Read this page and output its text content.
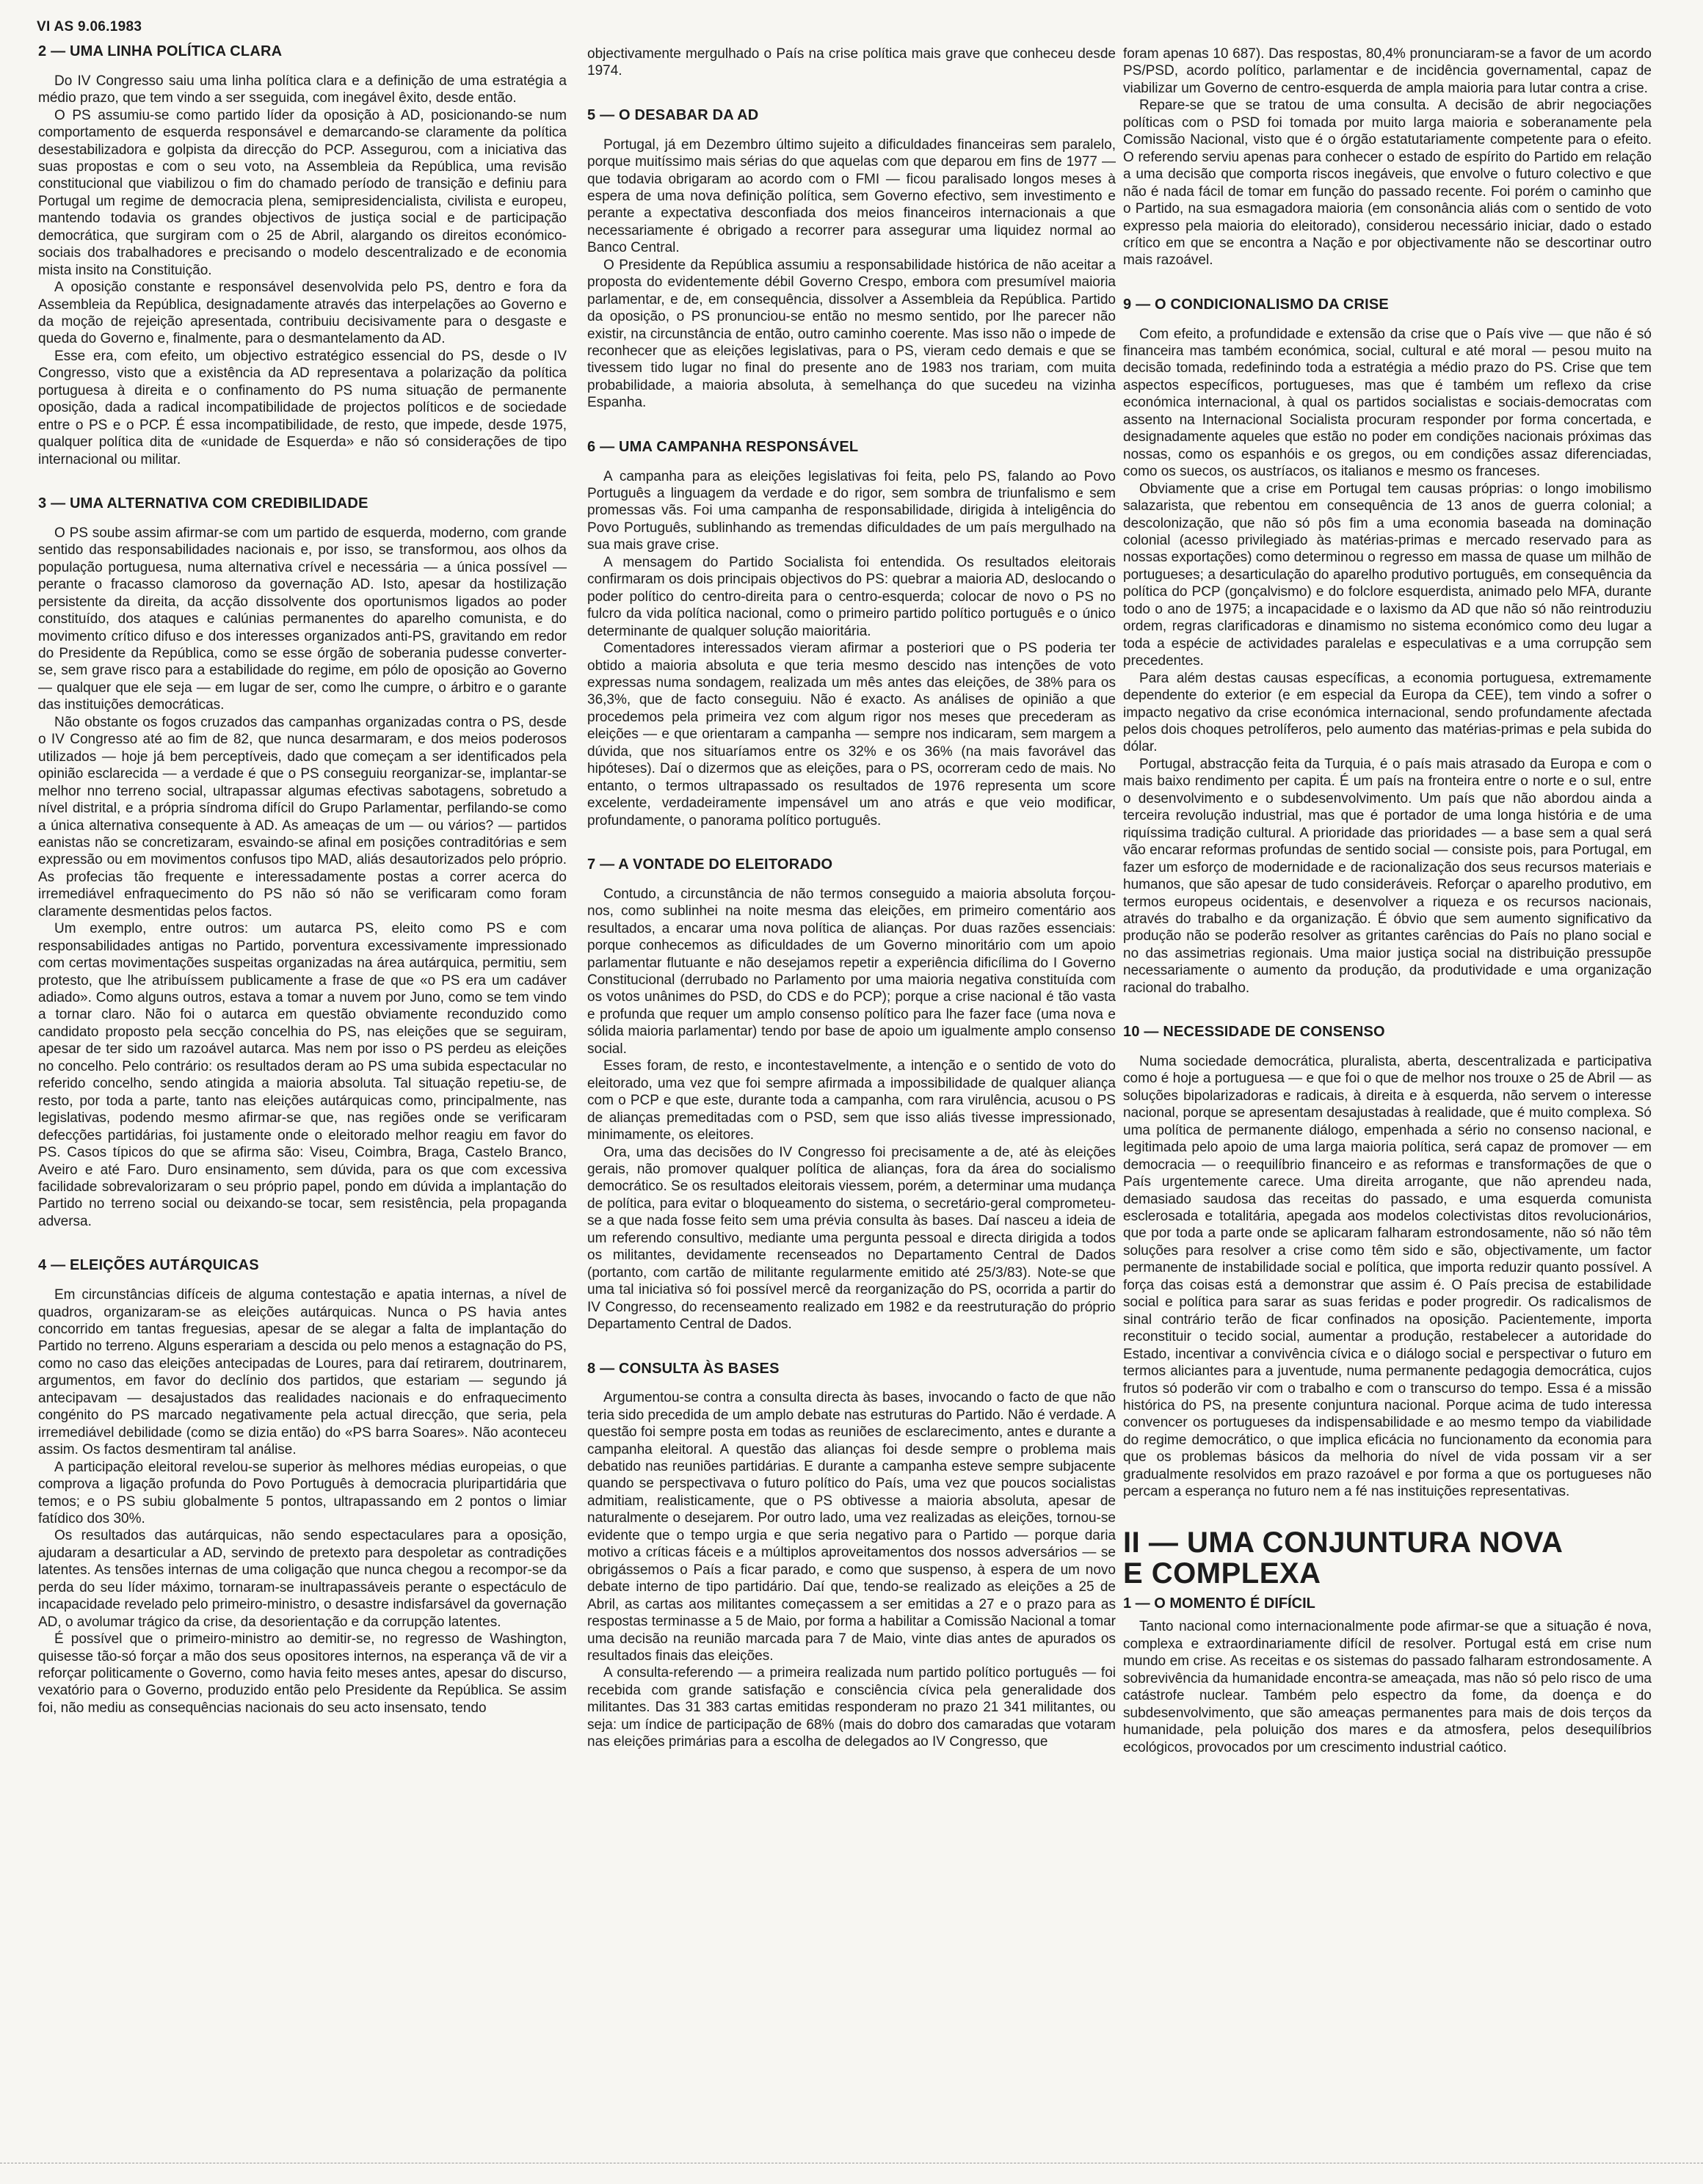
VI AS 9.06.1983
2 — UMA LINHA POLÍTICA CLARA

Do IV Congresso saiu uma linha política clara e a definição de uma estratégia a médio prazo, que tem vindo a ser sseguida, com inegável êxito, desde então.

O PS assumiu-se como partido líder da oposição à AD, posicionando-se num comportamento de esquerda responsável e demarcando-se claramente da política desestabilizadora e golpista da direcção do PCP. Assegurou, com a iniciativa das suas propostas e com o seu voto, na Assembleia da República, uma revisão constitucional que viabilizou o fim do chamado período de transição e definiu para Portugal um regime de democracia plena, semipresidencialista, civilista e europeu, mantendo todavia os grandes objectivos de justiça social e de participação democrática, que surgiram com o 25 de Abril, alargando os direitos económico-sociais dos trabalhadores e precisando o modelo descentralizado e de economia mista insito na Constituição.

A oposição constante e responsável desenvolvida pelo PS, dentro e fora da Assembleia da República, designadamente através das interpelações ao Governo e da moção de rejeição apresentada, contribuiu decisivamente para o desgaste e queda do Governo e, finalmente, para o desmantelamento da AD.

Esse era, com efeito, um objectivo estratégico essencial do PS, desde o IV Congresso, visto que a existência da AD representava a polarização da política portuguesa à direita e o confinamento do PS numa situação de permanente oposição, dada a radical incompatibilidade de projectos políticos e de sociedade entre o PS e o PCP. É essa incompatibilidade, de resto, que impede, desde 1975, qualquer política dita de «unidade de Esquerda» e não só considerações de tipo internacional ou militar.

3 — UMA ALTERNATIVA COM CREDIBILIDADE

O PS soube assim afirmar-se com um partido de esquerda, moderno, com grande sentido das responsabilidades nacionais e, por isso, se transformou, aos olhos da população portuguesa, numa alternativa crível e necessária — a única possível — perante o fracasso clamoroso da governação AD. Isto, apesar da hostilização persistente da direita, da acção dissolvente dos oportunismos ligados ao poder constituído, dos ataques e calúnias permanentes do aparelho comunista, e do movimento crítico difuso e dos interesses organizados anti-PS, gravitando em redor do Presidente da República, como se esse órgão de soberania pudesse converter-se, sem grave risco para a estabilidade do regime, em pólo de oposição ao Governo — qualquer que ele seja — em lugar de ser, como lhe cumpre, o árbitro e o garante das instituições democráticas.

Não obstante os fogos cruzados das campanhas organizadas contra o PS, desde o IV Congresso até ao fim de 82, que nunca desarmaram, e dos meios poderosos utilizados — hoje já bem perceptíveis, dado que começam a ser identificados pela opinião esclarecida — a verdade é que o PS conseguiu reorganizar-se, implantar-se melhor nno terreno social, ultrapassar algumas efectivas sabotagens, sobretudo a nível distrital, e a própria síndroma difícil do Grupo Parlamentar, perfilando-se como a única alternativa consequente à AD. As ameaças de um — ou vários? — partidos eanistas não se concretizaram, esvaindo-se afinal em posições contraditórias e sem expressão ou em movimentos confusos tipo MAD, aliás desautorizados pelo próprio. As profecias tão frequente e interessadamente postas a correr acerca do irremediável enfraquecimento do PS não só não se verificaram como foram claramente desmentidas pelos factos.

Um exemplo, entre outros: um autarca PS, eleito como PS e com responsabilidades antigas no Partido, porventura excessivamente impressionado com certas movimentações suspeitas organizadas na área autárquica, permitiu, sem protesto, que lhe atribuíssem publicamente a frase de que «o PS era um cadáver adiado». Como alguns outros, estava a tomar a nuvem por Juno, como se tem vindo a tornar claro. Não foi o autarca em questão obviamente reconduzido como candidato proposto pela secção concelhia do PS, nas eleições que se seguiram, apesar de ter sido um razoável autarca. Mas nem por isso o PS perdeu as eleições no concelho. Pelo contrário: os resultados deram ao PS uma subida espectacular no referido concelho, sendo atingida a maioria absoluta. Tal situação repetiu-se, de resto, por toda a parte, tanto nas eleições autárquicas como, principalmente, nas legislativas, podendo mesmo afirmar-se que, nas regiões onde se verificaram defecções partidárias, foi justamente onde o eleitorado melhor reagiu em favor do PS. Casos típicos do que se afirma são: Viseu, Coimbra, Braga, Castelo Branco, Aveiro e até Faro. Duro ensinamento, sem dúvida, para os que com excessiva facilidade sobrevalorizaram o seu próprio papel, pondo em dúvida a implantação do Partido no terreno social ou deixando-se tocar, sem resistência, pela propaganda adversa.

4 — ELEIÇÕES AUTÁRQUICAS

Em circunstâncias difíceis de alguma contestação e apatia internas, a nível de quadros, organizaram-se as eleições autárquicas. Nunca o PS havia antes concorrido em tantas freguesias, apesar de se alegar a falta de implantação do Partido no terreno. Alguns esperariam a descida ou pelo menos a estagnação do PS, como no caso das eleições antecipadas de Loures, para daí retirarem, doutrinarem, argumentos, em favor do declínio dos partidos, que estariam — segundo já antecipavam — desajustados das realidades nacionais e do enfraquecimento congénito do PS marcado negativamente pela actual direcção, que seria, pela irremediável debilidade (como se dizia então) do «PS barra Soares». Não aconteceu assim. Os factos desmentiram tal análise.

A participação eleitoral revelou-se superior às melhores médias europeias, o que comprova a ligação profunda do Povo Português à democracia pluripartidária que temos; e o PS subiu globalmente 5 pontos, ultrapassando em 2 pontos o limiar fatídico dos 30%.

Os resultados das autárquicas, não sendo espectaculares para a oposição, ajudaram a desarticular a AD, servindo de pretexto para despoletar as contradições latentes. As tensões internas de uma coligação que nunca chegou a recompor-se da perda do seu líder máximo, tornaram-se inultrapassáveis perante o espectáculo de incapacidade revelado pelo primeiro-ministro, o desastre indisfarsável da governação AD, o avolumar trágico da crise, da desorientação e da corrupção latentes.

É possível que o primeiro-ministro ao demitir-se, no regresso de Washington, quisesse tão-só forçar a mão dos seus opositores internos, na esperança vã de vir a reforçar politicamente o Governo, como havia feito meses antes, apesar do discurso, vexatório para o Governo, produzido então pelo Presidente da República. Se assim foi, não mediu as consequências nacionais do seu acto insensato, tendo

objectivamente mergulhado o País na crise política mais grave que conheceu desde 1974.

5 — O DESABAR DA AD

Portugal, já em Dezembro último sujeito a dificuldades financeiras sem paralelo, porque muitíssimo mais sérias do que aquelas com que deparou em fins de 1977 — que todavia obrigaram ao acordo com o FMI — ficou paralisado longos meses à espera de uma nova definição política, sem Governo efectivo, sem investimento e perante a expectativa desconfiada dos meios financeiros internacionais a que necessariamente é obrigado a recorrer para assegurar uma liquidez normal ao Banco Central.

O Presidente da República assumiu a responsabilidade histórica de não aceitar a proposta do evidentemente débil Governo Crespo, embora com presumível maioria parlamentar, e de, em consequência, dissolver a Assembleia da República. Partido da oposição, o PS pronunciou-se então no mesmo sentido, por lhe parecer não existir, na circunstância de então, outro caminho coerente. Mas isso não o impede de reconhecer que as eleições legislativas, para o PS, vieram cedo demais e que se tivessem tido lugar no final do presente ano de 1983 nos trariam, com muita probabilidade, a maioria absoluta, à semelhança do que sucedeu na vizinha Espanha.

6 — UMA CAMPANHA RESPONSÁVEL

A campanha para as eleições legislativas foi feita, pelo PS, falando ao Povo Português a linguagem da verdade e do rigor, sem sombra de triunfalismo e sem promessas vãs. Foi uma campanha de responsabilidade, dirigida à inteligência do Povo Português, sublinhando as tremendas dificuldades de um país mergulhado na sua mais grave crise.

A mensagem do Partido Socialista foi entendida. Os resultados eleitorais confirmaram os dois principais objectivos do PS: quebrar a maioria AD, deslocando o poder político do centro-direita para o centro-esquerda; colocar de novo o PS no fulcro da vida política nacional, como o primeiro partido político português e o único determinante de qualquer solução maioritária.

Comentadores interessados vieram afirmar a posteriori que o PS poderia ter obtido a maioria absoluta e que teria mesmo descido nas intenções de voto expressas numa sondagem, realizada um mês antes das eleições, de 38% para os 36,3%, que de facto conseguiu. Não é exacto. As análises de opinião a que procedemos pela primeira vez com algum rigor nos meses que precederam as eleições — e que orientaram a campanha — sempre nos indicaram, sem margem a dúvida, que nos situaríamos entre os 32% e os 36% (na mais favorável das hipóteses). Daí o dizermos que as eleições, para o PS, ocorreram cedo de mais. No entanto, o termos ultrapassado os resultados de 1976 representa um score excelente, verdadeiramente impensável um ano atrás e que veio modificar, profundamente, o panorama político português.

7 — A VONTADE DO ELEITORADO

Contudo, a circunstância de não termos conseguido a maioria absoluta forçou-nos, como sublinhei na noite mesma das eleições, em primeiro comentário aos resultados, a encarar uma nova política de alianças. Por duas razões essenciais: porque conhecemos as dificuldades de um Governo minoritário com um apoio parlamentar flutuante e não desejamos repetir a experiência dificílima do I Governo Constitucional (derrubado no Parlamento por uma maioria negativa constituída com os votos unânimes do PSD, do CDS e do PCP); porque a crise nacional é tão vasta e profunda que requer um amplo consenso político para lhe fazer face (uma nova e sólida maioria parlamentar) tendo por base de apoio um igualmente amplo consenso social.

Esses foram, de resto, e incontestavelmente, a intenção e o sentido de voto do eleitorado, uma vez que foi sempre afirmada a impossibilidade de qualquer aliança com o PCP e que este, durante toda a campanha, com rara virulência, acusou o PS de alianças premeditadas com o PSD, sem que isso aliás tivesse impressionado, minimamente, os eleitores.

Ora, uma das decisões do IV Congresso foi precisamente a de, até às eleições gerais, não promover qualquer política de alianças, fora da área do socialismo democrático. Se os resultados eleitorais viessem, porém, a determinar uma mudança de política, para evitar o bloqueamento do sistema, o secretário-geral comprometeu-se a que nada fosse feito sem uma prévia consulta às bases. Daí nasceu a ideia de um referendo consultivo, mediante uma pergunta pessoal e directa dirigida a todos os militantes, devidamente recenseados no Departamento Central de Dados (portanto, com cartão de militante regularmente emitido até 25/3/83). Note-se que uma tal iniciativa só foi possível mercê da reorganização do PS, ocorrida a partir do IV Congresso, do recenseamento realizado em 1982 e da reestruturação do próprio Departamento Central de Dados.

8 — CONSULTA ÀS BASES

Argumentou-se contra a consulta directa às bases, invocando o facto de que não teria sido precedida de um amplo debate nas estruturas do Partido. Não é verdade. A questão foi sempre posta em todas as reuniões de esclarecimento, antes e durante a campanha eleitoral. A questão das alianças foi desde sempre o problema mais debatido nas reuniões partidárias. E durante a campanha esteve sempre subjacente quando se perspectivava o futuro político do País, uma vez que poucos socialistas admitiam, realisticamente, que o PS obtivesse a maioria absoluta, apesar de naturalmente o desejarem. Por outro lado, uma vez realizadas as eleições, tornou-se evidente que o tempo urgia e que seria negativo para o Partido — porque daria motivo a críticas fáceis e a múltiplos aproveitamentos dos nossos adversários — se obrigássemos o País a ficar parado, e como que suspenso, à espera de um novo debate interno de tipo partidário. Daí que, tendo-se realizado as eleições a 25 de Abril, as cartas aos militantes começassem a ser emitidas a 27 e o prazo para as respostas terminasse a 5 de Maio, por forma a habilitar a Comissão Nacional a tomar uma decisão na reunião marcada para 7 de Maio, vinte dias antes de apurados os resultados finais das eleições.

A consulta-referendo — a primeira realizada num partido político português — foi recebida com grande satisfação e consciência cívica pela generalidade dos militantes. Das 31 383 cartas emitidas responderam no prazo 21 341 militantes, ou seja: um índice de participação de 68% (mais do dobro dos camaradas que votaram nas eleições primárias para a escolha de delegados ao IV Congresso, que

foram apenas 10 687). Das respostas, 80,4% pronunciaram-se a favor de um acordo PS/PSD, acordo político, parlamentar e de incidência governamental, capaz de viabilizar um Governo de centro-esquerda de ampla maioria para lutar contra a crise.

Repare-se que se tratou de uma consulta. A decisão de abrir negociações políticas com o PSD foi tomada por muito larga maioria e soberanamente pela Comissão Nacional, visto que é o órgão estatutariamente competente para o efeito. O referendo serviu apenas para conhecer o estado de espírito do Partido em relação a uma decisão que comporta riscos inegáveis, que envolve o futuro colectivo e que não é nada fácil de tomar em função do passado recente. Foi porém o caminho que o Partido, na sua esmagadora maioria (em consonância aliás com o sentido de voto expresso pela maioria do eleitorado), considerou necessário iniciar, dado o estado crítico em que se encontra a Nação e por objectivamente não se descortinar outro mais razoável.

9 — O CONDICIONALISMO DA CRISE

Com efeito, a profundidade e extensão da crise que o País vive — que não é só financeira mas também económica, social, cultural e até moral — pesou muito na decisão tomada, redefinindo toda a estratégia a médio prazo do PS. Crise que tem aspectos específicos, portugueses, mas que é também um reflexo da crise económica internacional, à qual os partidos socialistas e sociais-democratas com assento na Internacional Socialista procuram responder por forma concertada, e designadamente aqueles que estão no poder em condições nacionais próximas das nossas, como os espanhóis e os gregos, ou em condições assaz diferenciadas, como os suecos, os austríacos, os italianos e mesmo os franceses.

Obviamente que a crise em Portugal tem causas próprias: o longo imobilismo salazarista, que rebentou em consequência de 13 anos de guerra colonial; a descolonização, que não só pôs fim a uma economia baseada na dominação colonial (acesso privilegiado às matérias-primas e mercado reservado para as nossas exportações) como determinou o regresso em massa de quase um milhão de portugueses; a desarticulação do aparelho produtivo português, em consequência da política do PCP (gonçalvismo) e do folclore esquerdista, animado pelo MFA, durante todo o ano de 1975; a incapacidade e o laxismo da AD que não só não reintroduziu ordem, regras clarificadoras e dinamismo no sistema económico como deu lugar a toda a espécie de actividades paralelas e especulativas e a uma corrupção sem precedentes.

Para além destas causas específicas, a economia portuguesa, extremamente dependente do exterior (e em especial da Europa da CEE), tem vindo a sofrer o impacto negativo da crise económica internacional, sendo profundamente afectada pelos dois choques petrolíferos, pelo aumento das matérias-primas e pela subida do dólar.

Portugal, abstracção feita da Turquia, é o país mais atrasado da Europa e com o mais baixo rendimento per capita. É um país na fronteira entre o norte e o sul, entre o desenvolvimento e o subdesenvolvimento. Um país que não abordou ainda a terceira revolução industrial, mas que é portador de uma longa história e de uma riquíssima tradição cultural. A prioridade das prioridades — a base sem a qual será vão encarar reformas profundas de sentido social — consiste pois, para Portugal, em fazer um esforço de modernidade e de racionalização dos seus recursos materiais e humanos, que são apesar de tudo consideráveis. Reforçar o aparelho produtivo, em termos europeus ocidentais, e desenvolver a riqueza e os recursos nacionais, através do trabalho e da organização. É óbvio que sem aumento significativo da produção não se poderão resolver as gritantes carências do País no plano social e no das assimetrias regionais. Uma maior justiça social na distribuição pressupõe necessariamente o aumento da produção, da produtividade e uma organização racional do trabalho.

10 — NECESSIDADE DE CONSENSO

Numa sociedade democrática, pluralista, aberta, descentralizada e participativa como é hoje a portuguesa — e que foi o que de melhor nos trouxe o 25 de Abril — as soluções bipolarizadoras e radicais, à direita e à esquerda, não servem o interesse nacional, porque se apresentam desajustadas à realidade, que é muito complexa. Só uma política de permanente diálogo, empenhada a sério no consenso nacional, e legitimada pelo apoio de uma larga maioria política, será capaz de promover — em democracia — o reequilíbrio financeiro e as reformas e transformações de que o País urgentemente carece. Uma direita arrogante, que não aprendeu nada, demasiado saudosa das receitas do passado, e uma esquerda comunista esclerosada e totalitária, apegada aos modelos colectivistas ditos revolucionários, que por toda a parte onde se aplicaram falharam estrondosamente, não só não têm soluções para resolver a crise como têm sido e são, objectivamente, um factor permanente de instabilidade social e política, que importa reduzir quanto possível. A força das coisas está a demonstrar que assim é. O País precisa de estabilidade social e política para sarar as suas feridas e poder progredir. Os radicalismos de sinal contrário terão de ficar confinados na oposição. Pacientemente, importa reconstituir o tecido social, aumentar a produção, restabelecer a autoridade do Estado, incentivar a convivência cívica e o diálogo social e perspectivar o futuro em termos aliciantes para a juventude, numa permanente pedagogia democrática, cujos frutos só poderão vir com o trabalho e com o transcurso do tempo. Essa é a missão histórica do PS, na presente conjuntura nacional. Porque acima de tudo interessa convencer os portugueses da indispensabilidade e ao mesmo tempo da viabilidade do regime democrático, o que implica eficácia no funcionamento da economia para que os problemas básicos da melhoria do nível de vida possam vir a ser gradualmente resolvidos em prazo razoável e por forma a que os portugueses não percam a esperança no futuro nem a fé nas instituições representativas.

II — UMA CONJUNTURA NOVA
E COMPLEXA
1 — O MOMENTO É DIFÍCIL

Tanto nacional como internacionalmente pode afirmar-se que a situação é nova, complexa e extraordinariamente difícil de resolver. Portugal está em crise num mundo em crise. As receitas e os sistemas do passado falharam estrondosamente. A sobrevivência da humanidade encontra-se ameaçada, mas não só pelo risco de uma catástrofe nuclear. Também pelo espectro da fome, da doença e do subdesenvolvimento, que são ameaças permanentes para mais de dois terços da humanidade, pela poluição dos mares e da atmosfera, pelos desequilíbrios ecológicos, provocados por um crescimento industrial caótico.
